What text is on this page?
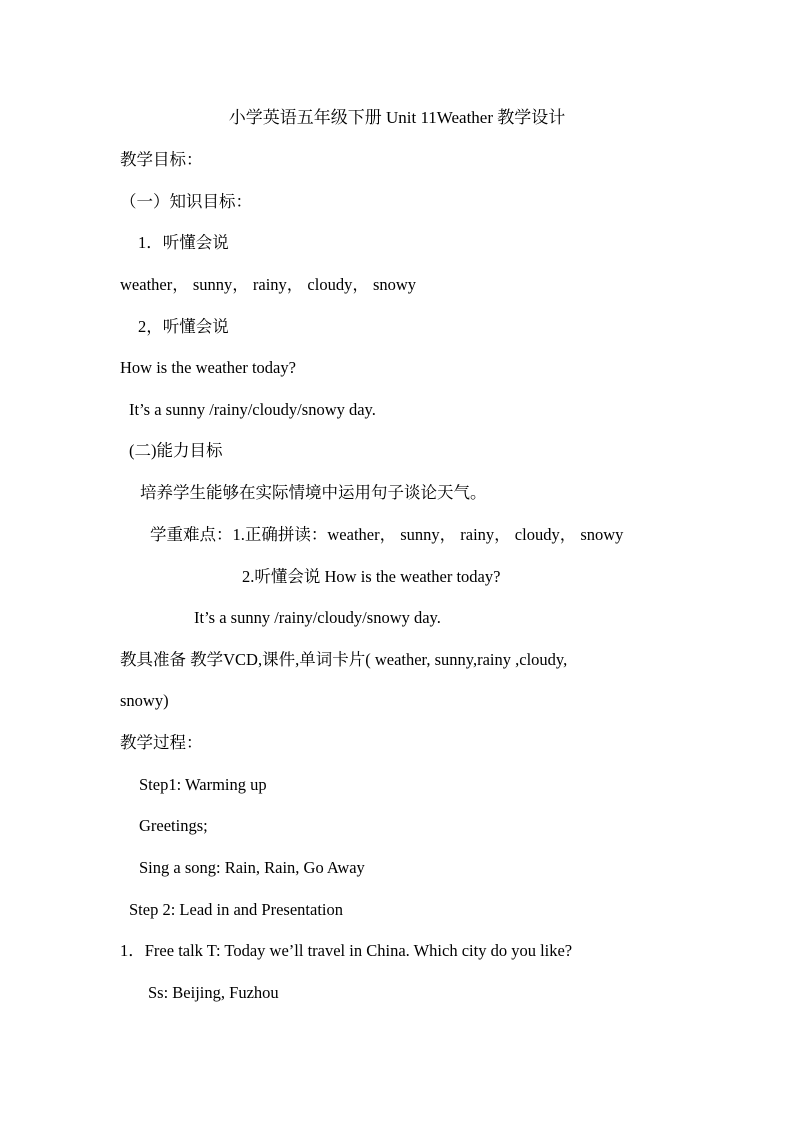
小学英语五年级下册 Unit 11Weather 教学设计
教学目标：
（一）知识目标：
1．听懂会说
weather， sunny， rainy， cloudy， snowy
2，听懂会说
How is the weather today?
It’s a sunny /rainy/cloudy/snowy day.
(二)能力目标
培养学生能够在实际情境中运用句子谈论天气。
学重难点：1.正确拼读：weather， sunny， rainy， cloudy， snowy
2.听懂会说 How is the weather today?
It’s a sunny /rainy/cloudy/snowy day.
教具准备 教学VCD,课件,单词卡片( weather, sunny,rainy ,cloudy,
snowy)
教学过程：
Step1: Warming up
Greetings;
Sing a song: Rain, Rain, Go Away
Step 2: Lead in and Presentation
1．Free talk T: Today we’ll travel in China. Which city do you like?
Ss: Beijing, Fuzhou
